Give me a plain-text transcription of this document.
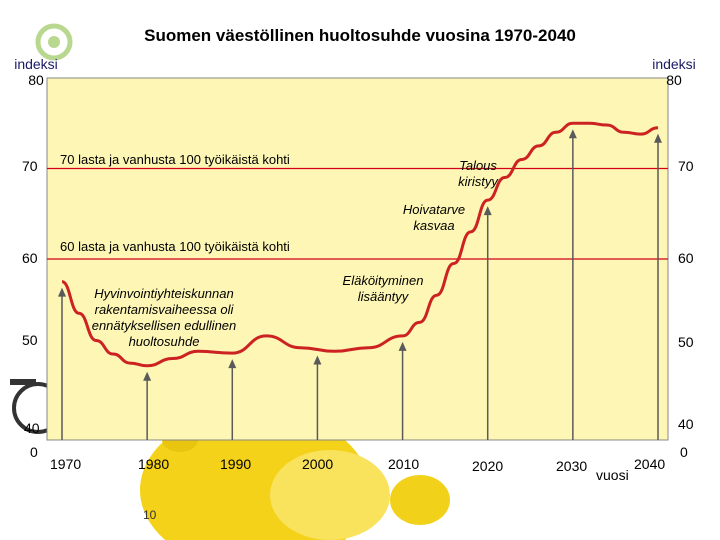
Suomen väestöllinen huoltosuhde vuosina 1970-2040
indeksi
80
indeksi
80
70
60
50
40
0
70
60
50
40
0
1970	1980	1990	2000	2010	2020	2030	2040
vuosi
10
70 lasta ja vanhusta 100 työikäistä kohti
60 lasta ja vanhusta 100 työikäistä kohti
Hyvinvointiyhteiskunnan rakentamisvaiheessa oli ennätyksellisen edullinen huoltosuhde
Eläköityminen lisääntyy
Hoivatarve kasvaa
Talous kiristyy
